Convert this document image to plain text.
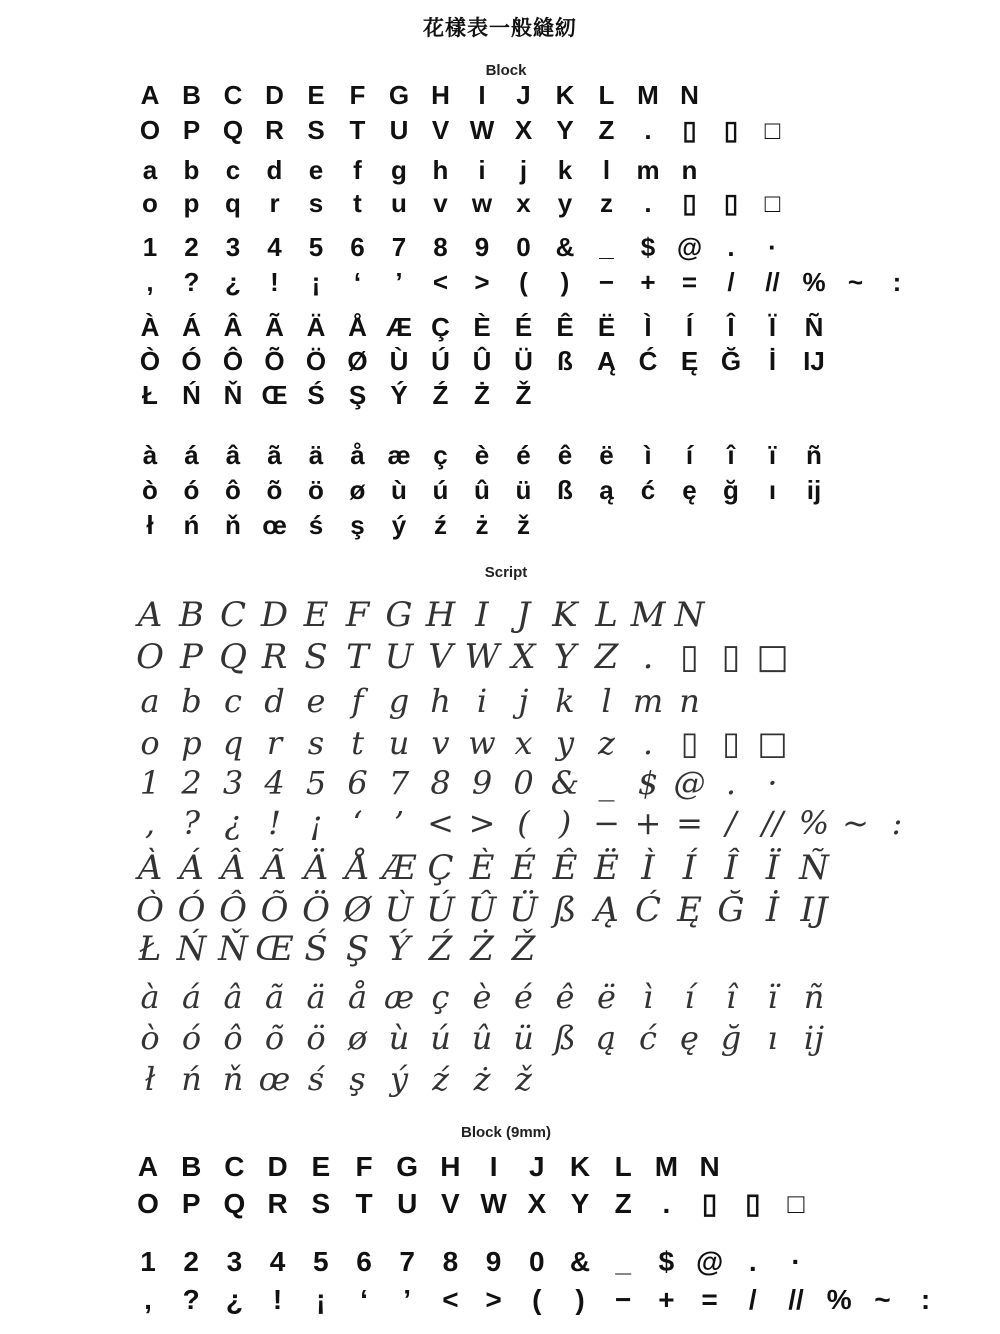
花樣表一般縫紉
Block
Script
Block (9mm)
A B C D E F G H	I	J K L M N
O P Q R S T U V W X Y Z	.	▯	▯	□
a	b	c	d	e	f	g h	i	j	k	l	m n
o p q	r	s	t	u	v w x	y	z	.	▯	▯	□
1	2	3	4	5	6	7	8	9	0 & _	$ @ .	·
,	? ¿	!	¡	‘	’	<	>	(	)	−	+	=	/	// % ~	:
À Á Â Ã Ä Å Æ Ç È É Ê Ë	Ì	Í	Î	Ï	Ñ
Ò Ó Ô Õ Ö Ø Ù Ú Û Ü ß Ą Ć Ę Ğ	İ	IJ
Ł Ń Ň Œ Ś Ş Ý Ź Ż Ž
à	á	â	ã	ä	å æ ç	è	é	ê	ë	ì	í	î	ï	ñ
ò ó ô õ ö ø ù ú û ü ß	ą	ć	ę	ğ	ı	ij
ł	ń ň œ ś	ş	ý	ź	ż	ž
A B C D E F G H I J K L M N
O P Q R S T U V W X Y Z . ▯ ▯ □
a b c d e f g h i j k l m n
o p q r s t u v w x y z . ▯ ▯ □
1 2 3 4 5 6 7 8 9 0 & _ $ @ . ·
, ? ¿ ! ¡ ‘ ’ < > ( ) − + = / // % ~ :
À Á Â Ã Ä Å Æ Ç È É Ê Ë Ì Í Î Ï Ñ
Ò Ó Ô Õ Ö Ø Ù Ú Û Ü ß Ą Ć Ę Ğ İ IJ
Ł Ń Ň Œ Ś Ş Ý Ź Ż Ž
à á â ã ä å æ ç è é ê ë ì í î ï ñ
ò ó ô õ ö ø ù ú û ü ß ą ć ę ğ ı ij
ł ń ň œ ś ş ý ź ż ž
A B C D E F G H	I	J K L M N
O P Q R S T U V W X Y Z	.	▯ ▯ □
1 2 3 4 5 6 7 8 9 0 & _ $ @ .	·
,	? ¿	!	¡	‘	’	< >	(	)	− + =	/	// % ~	:
